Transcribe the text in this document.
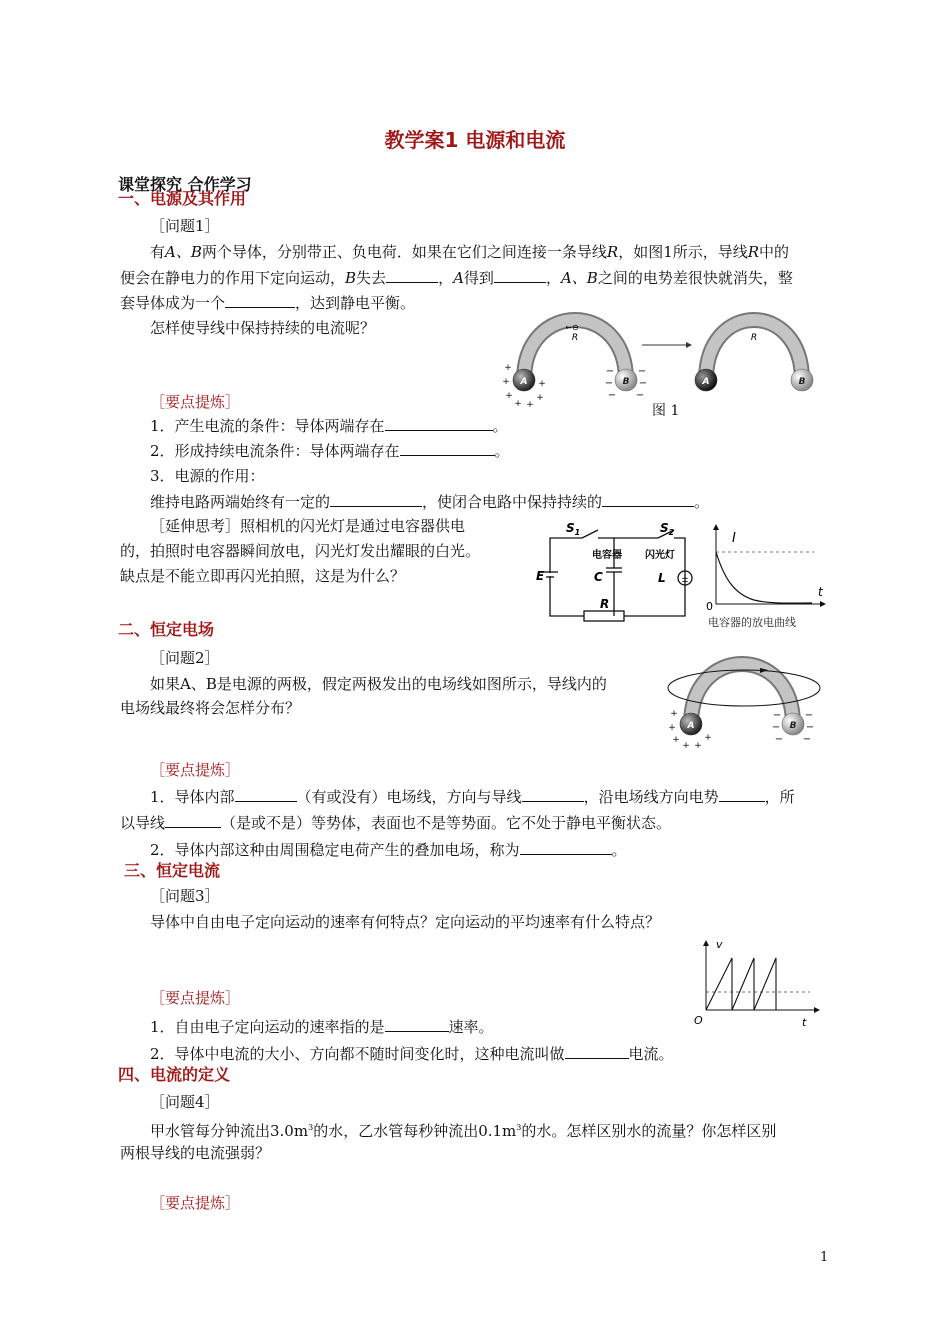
教学案1 电源和电流
课堂探究 合作学习
一、电源及其作用
［问题1］
有A、B两个导体，分别带正、负电荷．如果在它们之间连接一条导线R，如图1所示，导线R中的
便会在静电力的作用下定向运动，B失去	，A得到	，A、B之间的电势差很快就消失，整
套导体成为一个	，达到静电平衡。
怎样使导线中保持持续的电流呢？
A	B
R
←⊖
+
+
+
+ +
+
+
−
−
−
−
−
−
A	B
R
图 1
［要点提炼］
1．产生电流的条件：导体两端存在	。
2．形成持续电流条件：导体两端存在	。
3．电源的作用：
维持电路两端始终有一定的	，使闭合电路中保持持续的	。
［延伸思考］照相机的闪光灯是通过电容器供电
的，拍照时电容器瞬间放电，闪光灯发出耀眼的白光。
缺点是不能立即再闪光拍照，这是为什么？	±
$S_1$	$S_2$
电容器 闪光灯
E	C	L
R
I
t
0
电容器的放电曲线
二、恒定电场
［问题2］
如果A、B是电源的两极，假定两极发出的电场线如图所示，导线内的
电场线最终将会怎样分布？
A	B
+
+
+
+ +
+
−
−
−
−
−
−
［要点提炼］
1．导体内部	（有或没有）电场线，方向与导线	，沿电场线方向电势	，所
以导线	（是或不是）等势体，表面也不是等势面。它不处于静电平衡状态。
2．导体内部这种由周围稳定电荷产生的叠加电场，称为	。
三、恒定电流
［问题3］
导体中自由电子定向运动的速率有何特点？定向运动的平均速率有什么特点？
v
t
O
［要点提炼］
1．自由电子定向运动的速率指的是	速率。
2．导体中电流的大小、方向都不随时间变化时，这种电流叫做	电流。
四、电流的定义
［问题4］
甲水管每分钟流出$3.0m^3$的水，乙水管每秒钟流出$0.1m^3$的水。怎样区别水的流量？你怎样区别
两根导线的电流强弱？
［要点提炼］
1
